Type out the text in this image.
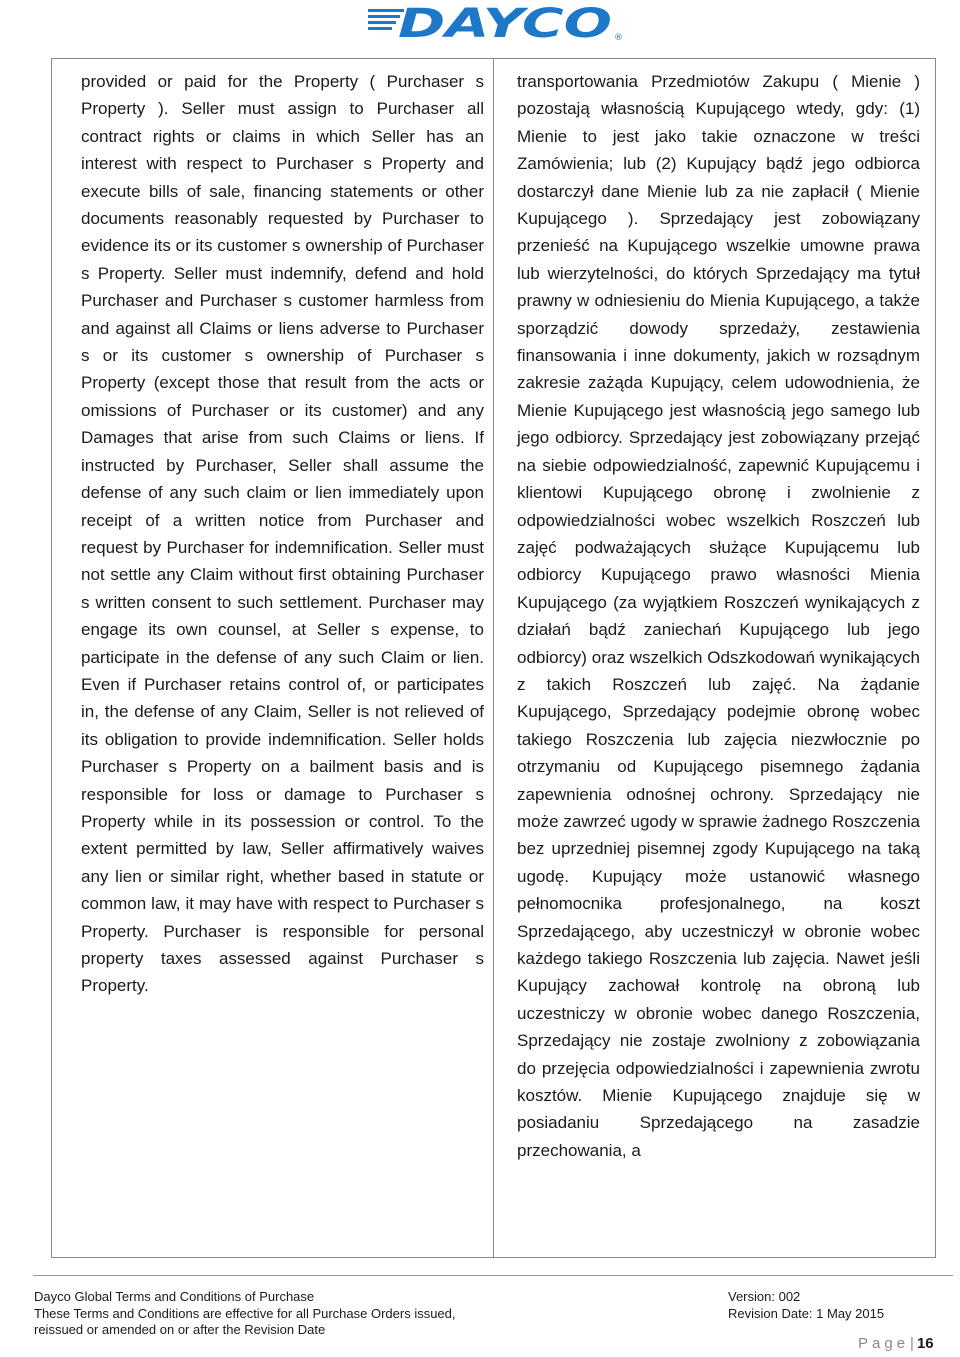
DAYCO ®

provided or paid for the Property ( Purchaser s Property ). Seller must assign to Purchaser all contract rights or claims in which Seller has an interest with respect to Purchaser s Property and execute bills of sale, financing statements or other documents reasonably requested by Purchaser to evidence its or its customer s ownership of Purchaser s Property. Seller must indemnify, defend and hold Purchaser and Purchaser s customer harmless from and against all Claims or liens adverse to Purchaser s or its customer s ownership of Purchaser s Property (except those that result from the acts or omissions of Purchaser or its customer) and any Damages that arise from such Claims or liens. If instructed by Purchaser, Seller shall assume the defense of any such claim or lien immediately upon receipt of a written notice from Purchaser and request by Purchaser for indemnification. Seller must not settle any Claim without first obtaining Purchaser s written consent to such settlement. Purchaser may engage its own counsel, at Seller s expense, to participate in the defense of any such Claim or lien. Even if Purchaser retains control of, or participates in, the defense of any Claim, Seller is not relieved of its obligation to provide indemnification. Seller holds Purchaser s Property on a bailment basis and is responsible for loss or damage to Purchaser s Property while in its possession or control. To the extent permitted by law, Seller affirmatively waives any lien or similar right, whether based in statute or common law, it may have with respect to Purchaser s Property. Purchaser is responsible for personal property taxes assessed against Purchaser s Property.

transportowania Przedmiotów Zakupu ( Mienie ) pozostają własnością Kupującego wtedy, gdy: (1) Mienie to jest jako takie oznaczone w treści Zamówienia; lub (2) Kupujący bądź jego odbiorca dostarczył dane Mienie lub za nie zapłacił ( Mienie Kupującego ). Sprzedający jest zobowiązany przenieść na Kupującego wszelkie umowne prawa lub wierzytelności, do których Sprzedający ma tytuł prawny w odniesieniu do Mienia Kupującego, a także sporządzić dowody sprzedaży, zestawienia finansowania i inne dokumenty, jakich w rozsądnym zakresie zażąda Kupujący, celem udowodnienia, że Mienie Kupującego jest własnością jego samego lub jego odbiorcy. Sprzedający jest zobowiązany przejąć na siebie odpowiedzialność, zapewnić Kupującemu i klientowi Kupującego obronę i zwolnienie z odpowiedzialności wobec wszelkich Roszczeń lub zajęć podważających służące Kupującemu lub odbiorcy Kupującego prawo własności Mienia Kupującego (za wyjątkiem Roszczeń wynikających z działań bądź zaniechań Kupującego lub jego odbiorcy) oraz wszelkich Odszkodowań wynikających z takich Roszczeń lub zajęć. Na żądanie Kupującego, Sprzedający podejmie obronę wobec takiego Roszczenia lub zajęcia niezwłocznie po otrzymaniu od Kupującego pisemnego żądania zapewnienia odnośnej ochrony. Sprzedający nie może zawrzeć ugody w sprawie żadnego Roszczenia bez uprzedniej pisemnej zgody Kupującego na taką ugodę. Kupujący może ustanowić własnego pełnomocnika profesjonalnego, na koszt Sprzedającego, aby uczestniczył w obronie wobec każdego takiego Roszczenia lub zajęcia. Nawet jeśli Kupujący zachował kontrolę na obroną lub uczestniczy w obronie wobec danego Roszczenia, Sprzedający nie zostaje zwolniony z zobowiązania do przejęcia odpowiedzialności i zapewnienia zwrotu kosztów. Mienie Kupującego znajduje się w posiadaniu Sprzedającego na zasadzie przechowania, a

Dayco Global Terms and Conditions of Purchase
These Terms and Conditions are effective for all Purchase Orders issued,
reissued or amended on or after the Revision Date
Version: 002
Revision Date: 1 May 2015
Page| 16
